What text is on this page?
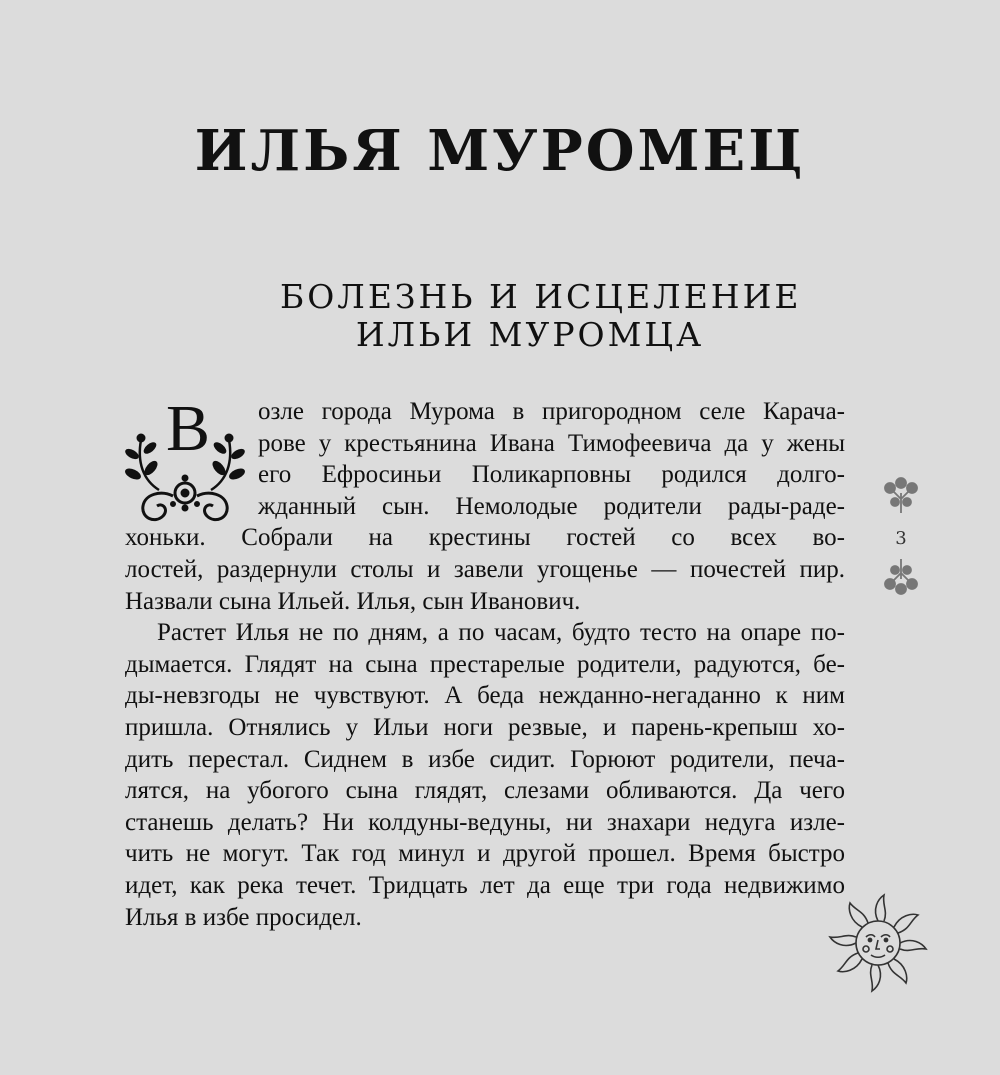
ИЛЬЯ МУРОМЕЦ
БОЛЕЗНЬ И ИСЦЕЛЕНИЕ
ИЛЬИ МУРОМЦА
В	озле города Мурома в пригородном селе Карача-
рове у крестьянина Ивана Тимофеевича да у жены
его Ефросиньи Поликарповны родился долго-
жданный сын. Немолодые родители рады-раде-
хоньки. Собрали на крестины гостей со всех во-
лостей, раздернули столы и завели угощенье — почестей пир.
Назвали сына Ильей. Илья, сын Иванович.
Растет Илья не по дням, а по часам, будто тесто на опаре по-
дымается. Глядят на сына престарелые родители, радуются, бе-
ды-невзгоды не чувствуют. А беда нежданно-негаданно к ним
пришла. Отнялись у Ильи ноги резвые, и парень-крепыш хо-
дить перестал. Сиднем в избе сидит. Горюют родители, печа-
лятся, на убогого сына глядят, слезами обливаются. Да чего
станешь делать? Ни колдуны-ведуны, ни знахари недуга изле-
чить не могут. Так год минул и другой прошел. Время быстро
идет, как река течет. Тридцать лет да еще три года недвижимо
Илья в избе просидел.
3
